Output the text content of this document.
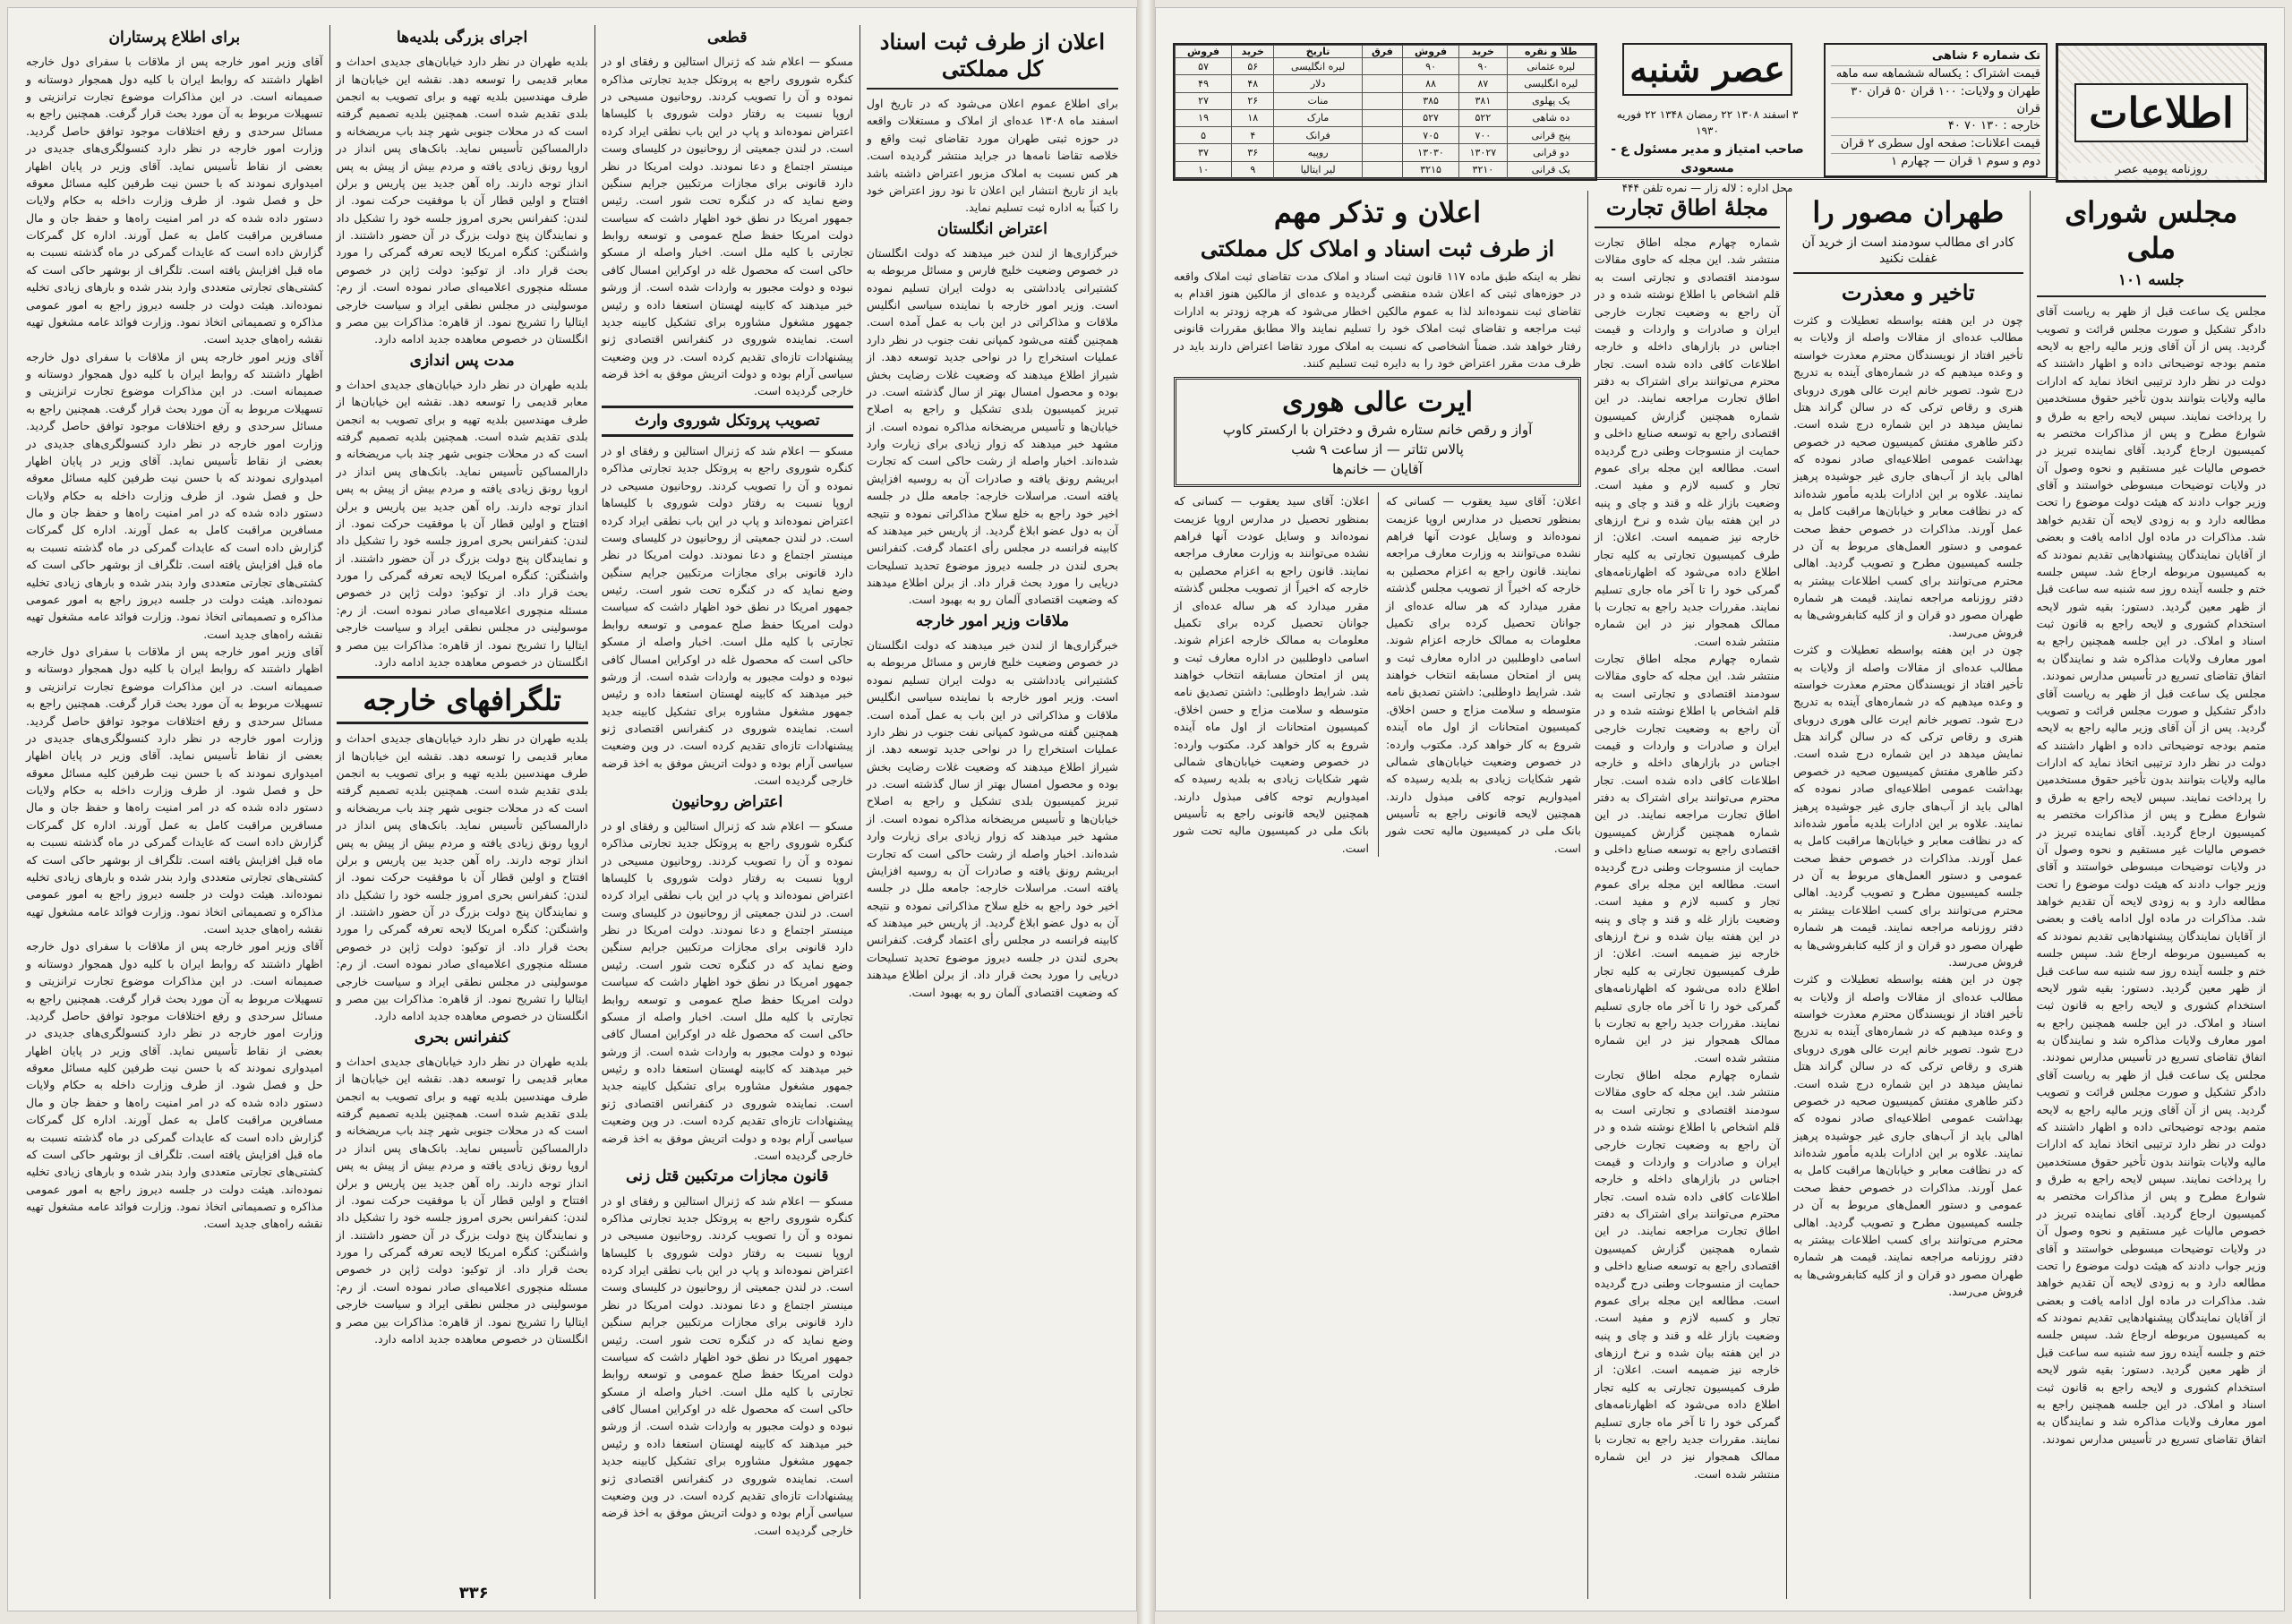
اطلاعات
روزنامه یومیه عصر
تک شماره ۶ شاهی
قیمت اشتراک : یکساله ششماهه سه ماهه
طهران و ولایات: ۱۰۰ قران ۵۰ قران ۳۰ قران
خارجه : ۱۳۰ ۷۰ ۴۰
قیمت اعلانات: صفحه اول سطری ۲ قران
دوم و سوم ۱ قران — چهارم ۱
عصر شنبه
۳ اسفند ۱۳۰۸ ۲۲ رمضان ۱۳۴۸ ۲۲ فوریه ۱۹۳۰
صاحب امتیاز و مدیر مسئول ع - مسعودی
محل اداره : لاله زار — نمره تلفن ۴۴۴
طلا و نقره	خرید	فروش	فرق	تاریخ	خرید	فروش
لیره عثمانی	۹۰	۹۰		لیره انگلیسی	۵۶	۵۷
لیره انگلیسی	۸۷	۸۸		دلار	۴۸	۴۹
یک پهلوی	۳۸۱	۳۸۵		منات	۲۶	۲۷
ده شاهی	۵۲۲	۵۲۷		مارک	۱۸	۱۹
پنج قرانی	۷۰۰	۷۰۵		فرانک	۴	۵
دو قرانی	۱۳۰۲۷	۱۳۰۳۰		روپیه	۳۶	۳۷
یک قرانی	۳۲۱۰	۳۲۱۵		لیر ایتالیا	۹	۱۰
مجلس شورای ملی
جلسه ۱۰۱
مجلس یک ساعت قبل از ظهر به ریاست آقای دادگر تشکیل و صورت مجلس قرائت و تصویب گردید. پس از آن آقای وزیر مالیه راجع به لایحه متمم بودجه توضیحاتی داده و اظهار داشتند که دولت در نظر دارد ترتیبی اتخاذ نماید که ادارات مالیه ولایات بتوانند بدون تأخیر حقوق مستخدمین را پرداخت نمایند. سپس لایحه راجع به طرق و شوارع مطرح و پس از مذاکرات مختصر به کمیسیون ارجاع گردید. آقای نماینده تبریز در خصوص مالیات غیر مستقیم و نحوه وصول آن در ولایات توضیحات مبسوطی خواستند و آقای وزیر جواب دادند که هیئت دولت موضوع را تحت مطالعه دارد و به زودی لایحه آن تقدیم خواهد شد. مذاکرات در ماده اول ادامه یافت و بعضی از آقایان نمایندگان پیشنهادهایی تقدیم نمودند که به کمیسیون مربوطه ارجاع شد. سپس جلسه ختم و جلسه آینده روز سه شنبه سه ساعت قبل از ظهر معین گردید. دستور: بقیه شور لایحه استخدام کشوری و لایحه راجع به قانون ثبت اسناد و املاک. در این جلسه همچنین راجع به امور معارف ولایات مذاکره شد و نمایندگان به اتفاق تقاضای تسریع در تأسیس مدارس نمودند.
مجلس یک ساعت قبل از ظهر به ریاست آقای دادگر تشکیل و صورت مجلس قرائت و تصویب گردید. پس از آن آقای وزیر مالیه راجع به لایحه متمم بودجه توضیحاتی داده و اظهار داشتند که دولت در نظر دارد ترتیبی اتخاذ نماید که ادارات مالیه ولایات بتوانند بدون تأخیر حقوق مستخدمین را پرداخت نمایند. سپس لایحه راجع به طرق و شوارع مطرح و پس از مذاکرات مختصر به کمیسیون ارجاع گردید. آقای نماینده تبریز در خصوص مالیات غیر مستقیم و نحوه وصول آن در ولایات توضیحات مبسوطی خواستند و آقای وزیر جواب دادند که هیئت دولت موضوع را تحت مطالعه دارد و به زودی لایحه آن تقدیم خواهد شد. مذاکرات در ماده اول ادامه یافت و بعضی از آقایان نمایندگان پیشنهادهایی تقدیم نمودند که به کمیسیون مربوطه ارجاع شد. سپس جلسه ختم و جلسه آینده روز سه شنبه سه ساعت قبل از ظهر معین گردید. دستور: بقیه شور لایحه استخدام کشوری و لایحه راجع به قانون ثبت اسناد و املاک. در این جلسه همچنین راجع به امور معارف ولایات مذاکره شد و نمایندگان به اتفاق تقاضای تسریع در تأسیس مدارس نمودند.
مجلس یک ساعت قبل از ظهر به ریاست آقای دادگر تشکیل و صورت مجلس قرائت و تصویب گردید. پس از آن آقای وزیر مالیه راجع به لایحه متمم بودجه توضیحاتی داده و اظهار داشتند که دولت در نظر دارد ترتیبی اتخاذ نماید که ادارات مالیه ولایات بتوانند بدون تأخیر حقوق مستخدمین را پرداخت نمایند. سپس لایحه راجع به طرق و شوارع مطرح و پس از مذاکرات مختصر به کمیسیون ارجاع گردید. آقای نماینده تبریز در خصوص مالیات غیر مستقیم و نحوه وصول آن در ولایات توضیحات مبسوطی خواستند و آقای وزیر جواب دادند که هیئت دولت موضوع را تحت مطالعه دارد و به زودی لایحه آن تقدیم خواهد شد. مذاکرات در ماده اول ادامه یافت و بعضی از آقایان نمایندگان پیشنهادهایی تقدیم نمودند که به کمیسیون مربوطه ارجاع شد. سپس جلسه ختم و جلسه آینده روز سه شنبه سه ساعت قبل از ظهر معین گردید. دستور: بقیه شور لایحه استخدام کشوری و لایحه راجع به قانون ثبت اسناد و املاک. در این جلسه همچنین راجع به امور معارف ولایات مذاکره شد و نمایندگان به اتفاق تقاضای تسریع در تأسیس مدارس نمودند.
طهران مصور را
کادر ای مطالب سودمند است از خرید آن غفلت نکنید
تاخیر و معذرت
چون در این هفته بواسطه تعطیلات و کثرت مطالب عده‌ای از مقالات واصله از ولایات به تأخیر افتاد از نویسندگان محترم معذرت خواسته و وعده میدهیم که در شماره‌های آینده به تدریج درج شود. تصویر خانم ایرت عالی هوری دروبای هنری و رقاص ترکی که در سالن گراند هتل نمایش میدهد در این شماره درج شده است. دکتر طاهری مفتش کمیسیون صحیه در خصوص بهداشت عمومی اطلاعیه‌ای صادر نموده که اهالی باید از آب‌های جاری غیر جوشیده پرهیز نمایند. علاوه بر این ادارات بلدیه مأمور شده‌اند که در نظافت معابر و خیابان‌ها مراقبت کامل به عمل آورند. مذاکرات در خصوص حفظ صحت عمومی و دستور العمل‌های مربوط به آن در جلسه کمیسیون مطرح و تصویب گردید. اهالی محترم می‌توانند برای کسب اطلاعات بیشتر به دفتر روزنامه مراجعه نمایند. قیمت هر شماره طهران مصور دو قران و از کلیه کتابفروشی‌ها به فروش می‌رسد.
چون در این هفته بواسطه تعطیلات و کثرت مطالب عده‌ای از مقالات واصله از ولایات به تأخیر افتاد از نویسندگان محترم معذرت خواسته و وعده میدهیم که در شماره‌های آینده به تدریج درج شود. تصویر خانم ایرت عالی هوری دروبای هنری و رقاص ترکی که در سالن گراند هتل نمایش میدهد در این شماره درج شده است. دکتر طاهری مفتش کمیسیون صحیه در خصوص بهداشت عمومی اطلاعیه‌ای صادر نموده که اهالی باید از آب‌های جاری غیر جوشیده پرهیز نمایند. علاوه بر این ادارات بلدیه مأمور شده‌اند که در نظافت معابر و خیابان‌ها مراقبت کامل به عمل آورند. مذاکرات در خصوص حفظ صحت عمومی و دستور العمل‌های مربوط به آن در جلسه کمیسیون مطرح و تصویب گردید. اهالی محترم می‌توانند برای کسب اطلاعات بیشتر به دفتر روزنامه مراجعه نمایند. قیمت هر شماره طهران مصور دو قران و از کلیه کتابفروشی‌ها به فروش می‌رسد.
چون در این هفته بواسطه تعطیلات و کثرت مطالب عده‌ای از مقالات واصله از ولایات به تأخیر افتاد از نویسندگان محترم معذرت خواسته و وعده میدهیم که در شماره‌های آینده به تدریج درج شود. تصویر خانم ایرت عالی هوری دروبای هنری و رقاص ترکی که در سالن گراند هتل نمایش میدهد در این شماره درج شده است. دکتر طاهری مفتش کمیسیون صحیه در خصوص بهداشت عمومی اطلاعیه‌ای صادر نموده که اهالی باید از آب‌های جاری غیر جوشیده پرهیز نمایند. علاوه بر این ادارات بلدیه مأمور شده‌اند که در نظافت معابر و خیابان‌ها مراقبت کامل به عمل آورند. مذاکرات در خصوص حفظ صحت عمومی و دستور العمل‌های مربوط به آن در جلسه کمیسیون مطرح و تصویب گردید. اهالی محترم می‌توانند برای کسب اطلاعات بیشتر به دفتر روزنامه مراجعه نمایند. قیمت هر شماره طهران مصور دو قران و از کلیه کتابفروشی‌ها به فروش می‌رسد.
مجلهٔ اطاق تجارت
شماره چهارم مجله اطاق تجارت منتشر شد. این مجله که حاوی مقالات سودمند اقتصادی و تجارتی است به قلم اشخاص با اطلاع نوشته شده و در آن راجع به وضعیت تجارت خارجی ایران و صادرات و واردات و قیمت اجناس در بازارهای داخله و خارجه اطلاعات کافی داده شده است. تجار محترم می‌توانند برای اشتراک به دفتر اطاق تجارت مراجعه نمایند. در این شماره همچنین گزارش کمیسیون اقتصادی راجع به توسعه صنایع داخلی و حمایت از منسوجات وطنی درج گردیده است. مطالعه این مجله برای عموم تجار و کسبه لازم و مفید است. وضعیت بازار غله و قند و چای و پنبه در این هفته بیان شده و نرخ ارزهای خارجه نیز ضمیمه است. اعلان: از طرف کمیسیون تجارتی به کلیه تجار اطلاع داده می‌شود که اظهارنامه‌های گمرکی خود را تا آخر ماه جاری تسلیم نمایند. مقررات جدید راجع به تجارت با ممالک همجوار نیز در این شماره منتشر شده است.
شماره چهارم مجله اطاق تجارت منتشر شد. این مجله که حاوی مقالات سودمند اقتصادی و تجارتی است به قلم اشخاص با اطلاع نوشته شده و در آن راجع به وضعیت تجارت خارجی ایران و صادرات و واردات و قیمت اجناس در بازارهای داخله و خارجه اطلاعات کافی داده شده است. تجار محترم می‌توانند برای اشتراک به دفتر اطاق تجارت مراجعه نمایند. در این شماره همچنین گزارش کمیسیون اقتصادی راجع به توسعه صنایع داخلی و حمایت از منسوجات وطنی درج گردیده است. مطالعه این مجله برای عموم تجار و کسبه لازم و مفید است. وضعیت بازار غله و قند و چای و پنبه در این هفته بیان شده و نرخ ارزهای خارجه نیز ضمیمه است. اعلان: از طرف کمیسیون تجارتی به کلیه تجار اطلاع داده می‌شود که اظهارنامه‌های گمرکی خود را تا آخر ماه جاری تسلیم نمایند. مقررات جدید راجع به تجارت با ممالک همجوار نیز در این شماره منتشر شده است.
شماره چهارم مجله اطاق تجارت منتشر شد. این مجله که حاوی مقالات سودمند اقتصادی و تجارتی است به قلم اشخاص با اطلاع نوشته شده و در آن راجع به وضعیت تجارت خارجی ایران و صادرات و واردات و قیمت اجناس در بازارهای داخله و خارجه اطلاعات کافی داده شده است. تجار محترم می‌توانند برای اشتراک به دفتر اطاق تجارت مراجعه نمایند. در این شماره همچنین گزارش کمیسیون اقتصادی راجع به توسعه صنایع داخلی و حمایت از منسوجات وطنی درج گردیده است. مطالعه این مجله برای عموم تجار و کسبه لازم و مفید است. وضعیت بازار غله و قند و چای و پنبه در این هفته بیان شده و نرخ ارزهای خارجه نیز ضمیمه است. اعلان: از طرف کمیسیون تجارتی به کلیه تجار اطلاع داده می‌شود که اظهارنامه‌های گمرکی خود را تا آخر ماه جاری تسلیم نمایند. مقررات جدید راجع به تجارت با ممالک همجوار نیز در این شماره منتشر شده است.
اعلان و تذکر مهم
از طرف ثبت اسناد و املاک کل مملکتی
نظر به اینکه طبق ماده ۱۱۷ قانون ثبت اسناد و املاک مدت تقاضای ثبت املاک واقعه در حوزه‌های ثبتی که اعلان شده منقضی گردیده و عده‌ای از مالکین هنوز اقدام به تقاضای ثبت ننموده‌اند لذا به عموم مالکین اخطار می‌شود که هرچه زودتر به ادارات ثبت مراجعه و تقاضای ثبت املاک خود را تسلیم نمایند والا مطابق مقررات قانونی رفتار خواهد شد. ضمناً اشخاصی که نسبت به املاک مورد تقاضا اعتراض دارند باید در ظرف مدت مقرر اعتراض خود را به دایره ثبت تسلیم کنند.
ایرت عالی هوری
آواز و رقص خانم ستاره شرق و دختران با ارکستر کاوپ
پالاس تئاتر — از ساعت ۹ شب
آقایان — خانم‌ها
اعلان: آقای سید یعقوب — کسانی که بمنظور تحصیل در مدارس اروپا عزیمت نموده‌اند و وسایل عودت آنها فراهم نشده می‌توانند به وزارت معارف مراجعه نمایند. قانون راجع به اعزام محصلین به خارجه که اخیراً از تصویب مجلس گذشته مقرر میدارد که هر ساله عده‌ای از جوانان تحصیل کرده برای تکمیل معلومات به ممالک خارجه اعزام شوند. اسامی داوطلبین در اداره معارف ثبت و پس از امتحان مسابقه انتخاب خواهند شد. شرایط داوطلبی: داشتن تصدیق نامه متوسطه و سلامت مزاج و حسن اخلاق. کمیسیون امتحانات از اول ماه آینده شروع به کار خواهد کرد. مکتوب وارده: در خصوص وضعیت خیابان‌های شمالی شهر شکایات زیادی به بلدیه رسیده که امیدواریم توجه کافی مبذول دارند. همچنین لایحه قانونی راجع به تأسیس بانک ملی در کمیسیون مالیه تحت شور است.
اعلان: آقای سید یعقوب — کسانی که بمنظور تحصیل در مدارس اروپا عزیمت نموده‌اند و وسایل عودت آنها فراهم نشده می‌توانند به وزارت معارف مراجعه نمایند. قانون راجع به اعزام محصلین به خارجه که اخیراً از تصویب مجلس گذشته مقرر میدارد که هر ساله عده‌ای از جوانان تحصیل کرده برای تکمیل معلومات به ممالک خارجه اعزام شوند. اسامی داوطلبین در اداره معارف ثبت و پس از امتحان مسابقه انتخاب خواهند شد. شرایط داوطلبی: داشتن تصدیق نامه متوسطه و سلامت مزاج و حسن اخلاق. کمیسیون امتحانات از اول ماه آینده شروع به کار خواهد کرد. مکتوب وارده: در خصوص وضعیت خیابان‌های شمالی شهر شکایات زیادی به بلدیه رسیده که امیدواریم توجه کافی مبذول دارند. همچنین لایحه قانونی راجع به تأسیس بانک ملی در کمیسیون مالیه تحت شور است.
اعلان از طرف ثبت اسناد کل مملکتی
برای اطلاع عموم اعلان می‌شود که در تاریخ اول اسفند ماه ۱۳۰۸ عده‌ای از املاک و مستغلات واقعه در حوزه ثبتی طهران مورد تقاضای ثبت واقع و خلاصه تقاضا نامه‌ها در جراید منتشر گردیده است. هر کس نسبت به املاک مزبور اعتراض داشته باشد باید از تاریخ انتشار این اعلان تا نود روز اعتراض خود را کتباً به اداره ثبت تسلیم نماید.
اعتراض انگلستان
خبرگزاری‌ها از لندن خبر میدهند که دولت انگلستان در خصوص وضعیت خلیج فارس و مسائل مربوطه به کشتیرانی یادداشتی به دولت ایران تسلیم نموده است. وزیر امور خارجه با نماینده سیاسی انگلیس ملاقات و مذاکراتی در این باب به عمل آمده است. همچنین گفته می‌شود کمپانی نفت جنوب در نظر دارد عملیات استخراج را در نواحی جدید توسعه دهد. از شیراز اطلاع میدهند که وضعیت غلات رضایت بخش بوده و محصول امسال بهتر از سال گذشته است. در تبریز کمیسیون بلدی تشکیل و راجع به اصلاح خیابان‌ها و تأسیس مریضخانه مذاکره نموده است. از مشهد خبر میدهند که زوار زیادی برای زیارت وارد شده‌اند. اخبار واصله از رشت حاکی است که تجارت ابریشم رونق یافته و صادرات آن به روسیه افزایش یافته است. مراسلات خارجه: جامعه ملل در جلسه اخیر خود راجع به خلع سلاح مذاکراتی نموده و نتیجه آن به دول عضو ابلاغ گردید. از پاریس خبر میدهند که کابینه فرانسه در مجلس رأی اعتماد گرفت. کنفرانس بحری لندن در جلسه دیروز موضوع تحدید تسلیحات دریایی را مورد بحث قرار داد. از برلن اطلاع میدهند که وضعیت اقتصادی آلمان رو به بهبود است.
ملاقات وزیر امور خارجه
خبرگزاری‌ها از لندن خبر میدهند که دولت انگلستان در خصوص وضعیت خلیج فارس و مسائل مربوطه به کشتیرانی یادداشتی به دولت ایران تسلیم نموده است. وزیر امور خارجه با نماینده سیاسی انگلیس ملاقات و مذاکراتی در این باب به عمل آمده است. همچنین گفته می‌شود کمپانی نفت جنوب در نظر دارد عملیات استخراج را در نواحی جدید توسعه دهد. از شیراز اطلاع میدهند که وضعیت غلات رضایت بخش بوده و محصول امسال بهتر از سال گذشته است. در تبریز کمیسیون بلدی تشکیل و راجع به اصلاح خیابان‌ها و تأسیس مریضخانه مذاکره نموده است. از مشهد خبر میدهند که زوار زیادی برای زیارت وارد شده‌اند. اخبار واصله از رشت حاکی است که تجارت ابریشم رونق یافته و صادرات آن به روسیه افزایش یافته است. مراسلات خارجه: جامعه ملل در جلسه اخیر خود راجع به خلع سلاح مذاکراتی نموده و نتیجه آن به دول عضو ابلاغ گردید. از پاریس خبر میدهند که کابینه فرانسه در مجلس رأی اعتماد گرفت. کنفرانس بحری لندن در جلسه دیروز موضوع تحدید تسلیحات دریایی را مورد بحث قرار داد. از برلن اطلاع میدهند که وضعیت اقتصادی آلمان رو به بهبود است.
قطعی
مسکو — اعلام شد که ژنرال استالین و رفقای او در کنگره شوروی راجع به پروتکل جدید تجارتی مذاکره نموده و آن را تصویب کردند. روحانیون مسیحی در اروپا نسبت به رفتار دولت شوروی با کلیساها اعتراض نموده‌اند و پاپ در این باب نطقی ایراد کرده است. در لندن جمعیتی از روحانیون در کلیسای وست مینستر اجتماع و دعا نمودند. دولت امریکا در نظر دارد قانونی برای مجازات مرتکبین جرایم سنگین وضع نماید که در کنگره تحت شور است. رئیس جمهور امریکا در نطق خود اظهار داشت که سیاست دولت امریکا حفظ صلح عمومی و توسعه روابط تجارتی با کلیه ملل است. اخبار واصله از مسکو حاکی است که محصول غله در اوکراین امسال کافی نبوده و دولت مجبور به واردات شده است. از ورشو خبر میدهند که کابینه لهستان استعفا داده و رئیس جمهور مشغول مشاوره برای تشکیل کابینه جدید است. نماینده شوروی در کنفرانس اقتصادی ژنو پیشنهادات تازه‌ای تقدیم کرده است. در وین وضعیت سیاسی آرام بوده و دولت اتریش موفق به اخذ قرضه خارجی گردیده است.
تصویب پروتکل شوروی وارث
مسکو — اعلام شد که ژنرال استالین و رفقای او در کنگره شوروی راجع به پروتکل جدید تجارتی مذاکره نموده و آن را تصویب کردند. روحانیون مسیحی در اروپا نسبت به رفتار دولت شوروی با کلیساها اعتراض نموده‌اند و پاپ در این باب نطقی ایراد کرده است. در لندن جمعیتی از روحانیون در کلیسای وست مینستر اجتماع و دعا نمودند. دولت امریکا در نظر دارد قانونی برای مجازات مرتکبین جرایم سنگین وضع نماید که در کنگره تحت شور است. رئیس جمهور امریکا در نطق خود اظهار داشت که سیاست دولت امریکا حفظ صلح عمومی و توسعه روابط تجارتی با کلیه ملل است. اخبار واصله از مسکو حاکی است که محصول غله در اوکراین امسال کافی نبوده و دولت مجبور به واردات شده است. از ورشو خبر میدهند که کابینه لهستان استعفا داده و رئیس جمهور مشغول مشاوره برای تشکیل کابینه جدید است. نماینده شوروی در کنفرانس اقتصادی ژنو پیشنهادات تازه‌ای تقدیم کرده است. در وین وضعیت سیاسی آرام بوده و دولت اتریش موفق به اخذ قرضه خارجی گردیده است.
اعتراض روحانیون
مسکو — اعلام شد که ژنرال استالین و رفقای او در کنگره شوروی راجع به پروتکل جدید تجارتی مذاکره نموده و آن را تصویب کردند. روحانیون مسیحی در اروپا نسبت به رفتار دولت شوروی با کلیساها اعتراض نموده‌اند و پاپ در این باب نطقی ایراد کرده است. در لندن جمعیتی از روحانیون در کلیسای وست مینستر اجتماع و دعا نمودند. دولت امریکا در نظر دارد قانونی برای مجازات مرتکبین جرایم سنگین وضع نماید که در کنگره تحت شور است. رئیس جمهور امریکا در نطق خود اظهار داشت که سیاست دولت امریکا حفظ صلح عمومی و توسعه روابط تجارتی با کلیه ملل است. اخبار واصله از مسکو حاکی است که محصول غله در اوکراین امسال کافی نبوده و دولت مجبور به واردات شده است. از ورشو خبر میدهند که کابینه لهستان استعفا داده و رئیس جمهور مشغول مشاوره برای تشکیل کابینه جدید است. نماینده شوروی در کنفرانس اقتصادی ژنو پیشنهادات تازه‌ای تقدیم کرده است. در وین وضعیت سیاسی آرام بوده و دولت اتریش موفق به اخذ قرضه خارجی گردیده است.
قانون مجازات مرتکبین قتل زنی
مسکو — اعلام شد که ژنرال استالین و رفقای او در کنگره شوروی راجع به پروتکل جدید تجارتی مذاکره نموده و آن را تصویب کردند. روحانیون مسیحی در اروپا نسبت به رفتار دولت شوروی با کلیساها اعتراض نموده‌اند و پاپ در این باب نطقی ایراد کرده است. در لندن جمعیتی از روحانیون در کلیسای وست مینستر اجتماع و دعا نمودند. دولت امریکا در نظر دارد قانونی برای مجازات مرتکبین جرایم سنگین وضع نماید که در کنگره تحت شور است. رئیس جمهور امریکا در نطق خود اظهار داشت که سیاست دولت امریکا حفظ صلح عمومی و توسعه روابط تجارتی با کلیه ملل است. اخبار واصله از مسکو حاکی است که محصول غله در اوکراین امسال کافی نبوده و دولت مجبور به واردات شده است. از ورشو خبر میدهند که کابینه لهستان استعفا داده و رئیس جمهور مشغول مشاوره برای تشکیل کابینه جدید است. نماینده شوروی در کنفرانس اقتصادی ژنو پیشنهادات تازه‌ای تقدیم کرده است. در وین وضعیت سیاسی آرام بوده و دولت اتریش موفق به اخذ قرضه خارجی گردیده است.
اجرای بزرگی بلدیه‌ها
بلدیه طهران در نظر دارد خیابان‌های جدیدی احداث و معابر قدیمی را توسعه دهد. نقشه این خیابان‌ها از طرف مهندسین بلدیه تهیه و برای تصویب به انجمن بلدی تقدیم شده است. همچنین بلدیه تصمیم گرفته است که در محلات جنوبی شهر چند باب مریضخانه و دارالمساکین تأسیس نماید. بانک‌های پس انداز در اروپا رونق زیادی یافته و مردم بیش از پیش به پس انداز توجه دارند. راه آهن جدید بین پاریس و برلن افتتاح و اولین قطار آن با موفقیت حرکت نمود. از لندن: کنفرانس بحری امروز جلسه خود را تشکیل داد و نمایندگان پنج دولت بزرگ در آن حضور داشتند. از واشنگتن: کنگره امریکا لایحه تعرفه گمرکی را مورد بحث قرار داد. از توکیو: دولت ژاپن در خصوص مسئله منچوری اعلامیه‌ای صادر نموده است. از رم: موسولینی در مجلس نطقی ایراد و سیاست خارجی ایتالیا را تشریح نمود. از قاهره: مذاکرات بین مصر و انگلستان در خصوص معاهده جدید ادامه دارد.
مدت پس اندازی
بلدیه طهران در نظر دارد خیابان‌های جدیدی احداث و معابر قدیمی را توسعه دهد. نقشه این خیابان‌ها از طرف مهندسین بلدیه تهیه و برای تصویب به انجمن بلدی تقدیم شده است. همچنین بلدیه تصمیم گرفته است که در محلات جنوبی شهر چند باب مریضخانه و دارالمساکین تأسیس نماید. بانک‌های پس انداز در اروپا رونق زیادی یافته و مردم بیش از پیش به پس انداز توجه دارند. راه آهن جدید بین پاریس و برلن افتتاح و اولین قطار آن با موفقیت حرکت نمود. از لندن: کنفرانس بحری امروز جلسه خود را تشکیل داد و نمایندگان پنج دولت بزرگ در آن حضور داشتند. از واشنگتن: کنگره امریکا لایحه تعرفه گمرکی را مورد بحث قرار داد. از توکیو: دولت ژاپن در خصوص مسئله منچوری اعلامیه‌ای صادر نموده است. از رم: موسولینی در مجلس نطقی ایراد و سیاست خارجی ایتالیا را تشریح نمود. از قاهره: مذاکرات بین مصر و انگلستان در خصوص معاهده جدید ادامه دارد.
تلگرافهای خارجه
بلدیه طهران در نظر دارد خیابان‌های جدیدی احداث و معابر قدیمی را توسعه دهد. نقشه این خیابان‌ها از طرف مهندسین بلدیه تهیه و برای تصویب به انجمن بلدی تقدیم شده است. همچنین بلدیه تصمیم گرفته است که در محلات جنوبی شهر چند باب مریضخانه و دارالمساکین تأسیس نماید. بانک‌های پس انداز در اروپا رونق زیادی یافته و مردم بیش از پیش به پس انداز توجه دارند. راه آهن جدید بین پاریس و برلن افتتاح و اولین قطار آن با موفقیت حرکت نمود. از لندن: کنفرانس بحری امروز جلسه خود را تشکیل داد و نمایندگان پنج دولت بزرگ در آن حضور داشتند. از واشنگتن: کنگره امریکا لایحه تعرفه گمرکی را مورد بحث قرار داد. از توکیو: دولت ژاپن در خصوص مسئله منچوری اعلامیه‌ای صادر نموده است. از رم: موسولینی در مجلس نطقی ایراد و سیاست خارجی ایتالیا را تشریح نمود. از قاهره: مذاکرات بین مصر و انگلستان در خصوص معاهده جدید ادامه دارد.
کنفرانس بحری
بلدیه طهران در نظر دارد خیابان‌های جدیدی احداث و معابر قدیمی را توسعه دهد. نقشه این خیابان‌ها از طرف مهندسین بلدیه تهیه و برای تصویب به انجمن بلدی تقدیم شده است. همچنین بلدیه تصمیم گرفته است که در محلات جنوبی شهر چند باب مریضخانه و دارالمساکین تأسیس نماید. بانک‌های پس انداز در اروپا رونق زیادی یافته و مردم بیش از پیش به پس انداز توجه دارند. راه آهن جدید بین پاریس و برلن افتتاح و اولین قطار آن با موفقیت حرکت نمود. از لندن: کنفرانس بحری امروز جلسه خود را تشکیل داد و نمایندگان پنج دولت بزرگ در آن حضور داشتند. از واشنگتن: کنگره امریکا لایحه تعرفه گمرکی را مورد بحث قرار داد. از توکیو: دولت ژاپن در خصوص مسئله منچوری اعلامیه‌ای صادر نموده است. از رم: موسولینی در مجلس نطقی ایراد و سیاست خارجی ایتالیا را تشریح نمود. از قاهره: مذاکرات بین مصر و انگلستان در خصوص معاهده جدید ادامه دارد.
برای اطلاع پرستاران
آقای وزیر امور خارجه پس از ملاقات با سفرای دول خارجه اظهار داشتند که روابط ایران با کلیه دول همجوار دوستانه و صمیمانه است. در این مذاکرات موضوع تجارت ترانزیتی و تسهیلات مربوط به آن مورد بحث قرار گرفت. همچنین راجع به مسائل سرحدی و رفع اختلافات موجود توافق حاصل گردید. وزارت امور خارجه در نظر دارد کنسولگری‌های جدیدی در بعضی از نقاط تأسیس نماید. آقای وزیر در پایان اظهار امیدواری نمودند که با حسن نیت طرفین کلیه مسائل معوقه حل و فصل شود. از طرف وزارت داخله به حکام ولایات دستور داده شده که در امر امنیت راه‌ها و حفظ جان و مال مسافرین مراقبت کامل به عمل آورند. اداره کل گمرکات گزارش داده است که عایدات گمرکی در ماه گذشته نسبت به ماه قبل افزایش یافته است. تلگراف از بوشهر حاکی است که کشتی‌های تجارتی متعددی وارد بندر شده و بارهای زیادی تخلیه نموده‌اند. هیئت دولت در جلسه دیروز راجع به امور عمومی مذاکره و تصمیماتی اتخاذ نمود. وزارت فوائد عامه مشغول تهیه نقشه راه‌های جدید است.
آقای وزیر امور خارجه پس از ملاقات با سفرای دول خارجه اظهار داشتند که روابط ایران با کلیه دول همجوار دوستانه و صمیمانه است. در این مذاکرات موضوع تجارت ترانزیتی و تسهیلات مربوط به آن مورد بحث قرار گرفت. همچنین راجع به مسائل سرحدی و رفع اختلافات موجود توافق حاصل گردید. وزارت امور خارجه در نظر دارد کنسولگری‌های جدیدی در بعضی از نقاط تأسیس نماید. آقای وزیر در پایان اظهار امیدواری نمودند که با حسن نیت طرفین کلیه مسائل معوقه حل و فصل شود. از طرف وزارت داخله به حکام ولایات دستور داده شده که در امر امنیت راه‌ها و حفظ جان و مال مسافرین مراقبت کامل به عمل آورند. اداره کل گمرکات گزارش داده است که عایدات گمرکی در ماه گذشته نسبت به ماه قبل افزایش یافته است. تلگراف از بوشهر حاکی است که کشتی‌های تجارتی متعددی وارد بندر شده و بارهای زیادی تخلیه نموده‌اند. هیئت دولت در جلسه دیروز راجع به امور عمومی مذاکره و تصمیماتی اتخاذ نمود. وزارت فوائد عامه مشغول تهیه نقشه راه‌های جدید است.
آقای وزیر امور خارجه پس از ملاقات با سفرای دول خارجه اظهار داشتند که روابط ایران با کلیه دول همجوار دوستانه و صمیمانه است. در این مذاکرات موضوع تجارت ترانزیتی و تسهیلات مربوط به آن مورد بحث قرار گرفت. همچنین راجع به مسائل سرحدی و رفع اختلافات موجود توافق حاصل گردید. وزارت امور خارجه در نظر دارد کنسولگری‌های جدیدی در بعضی از نقاط تأسیس نماید. آقای وزیر در پایان اظهار امیدواری نمودند که با حسن نیت طرفین کلیه مسائل معوقه حل و فصل شود. از طرف وزارت داخله به حکام ولایات دستور داده شده که در امر امنیت راه‌ها و حفظ جان و مال مسافرین مراقبت کامل به عمل آورند. اداره کل گمرکات گزارش داده است که عایدات گمرکی در ماه گذشته نسبت به ماه قبل افزایش یافته است. تلگراف از بوشهر حاکی است که کشتی‌های تجارتی متعددی وارد بندر شده و بارهای زیادی تخلیه نموده‌اند. هیئت دولت در جلسه دیروز راجع به امور عمومی مذاکره و تصمیماتی اتخاذ نمود. وزارت فوائد عامه مشغول تهیه نقشه راه‌های جدید است.
آقای وزیر امور خارجه پس از ملاقات با سفرای دول خارجه اظهار داشتند که روابط ایران با کلیه دول همجوار دوستانه و صمیمانه است. در این مذاکرات موضوع تجارت ترانزیتی و تسهیلات مربوط به آن مورد بحث قرار گرفت. همچنین راجع به مسائل سرحدی و رفع اختلافات موجود توافق حاصل گردید. وزارت امور خارجه در نظر دارد کنسولگری‌های جدیدی در بعضی از نقاط تأسیس نماید. آقای وزیر در پایان اظهار امیدواری نمودند که با حسن نیت طرفین کلیه مسائل معوقه حل و فصل شود. از طرف وزارت داخله به حکام ولایات دستور داده شده که در امر امنیت راه‌ها و حفظ جان و مال مسافرین مراقبت کامل به عمل آورند. اداره کل گمرکات گزارش داده است که عایدات گمرکی در ماه گذشته نسبت به ماه قبل افزایش یافته است. تلگراف از بوشهر حاکی است که کشتی‌های تجارتی متعددی وارد بندر شده و بارهای زیادی تخلیه نموده‌اند. هیئت دولت در جلسه دیروز راجع به امور عمومی مذاکره و تصمیماتی اتخاذ نمود. وزارت فوائد عامه مشغول تهیه نقشه راه‌های جدید است.
۳۳۶
